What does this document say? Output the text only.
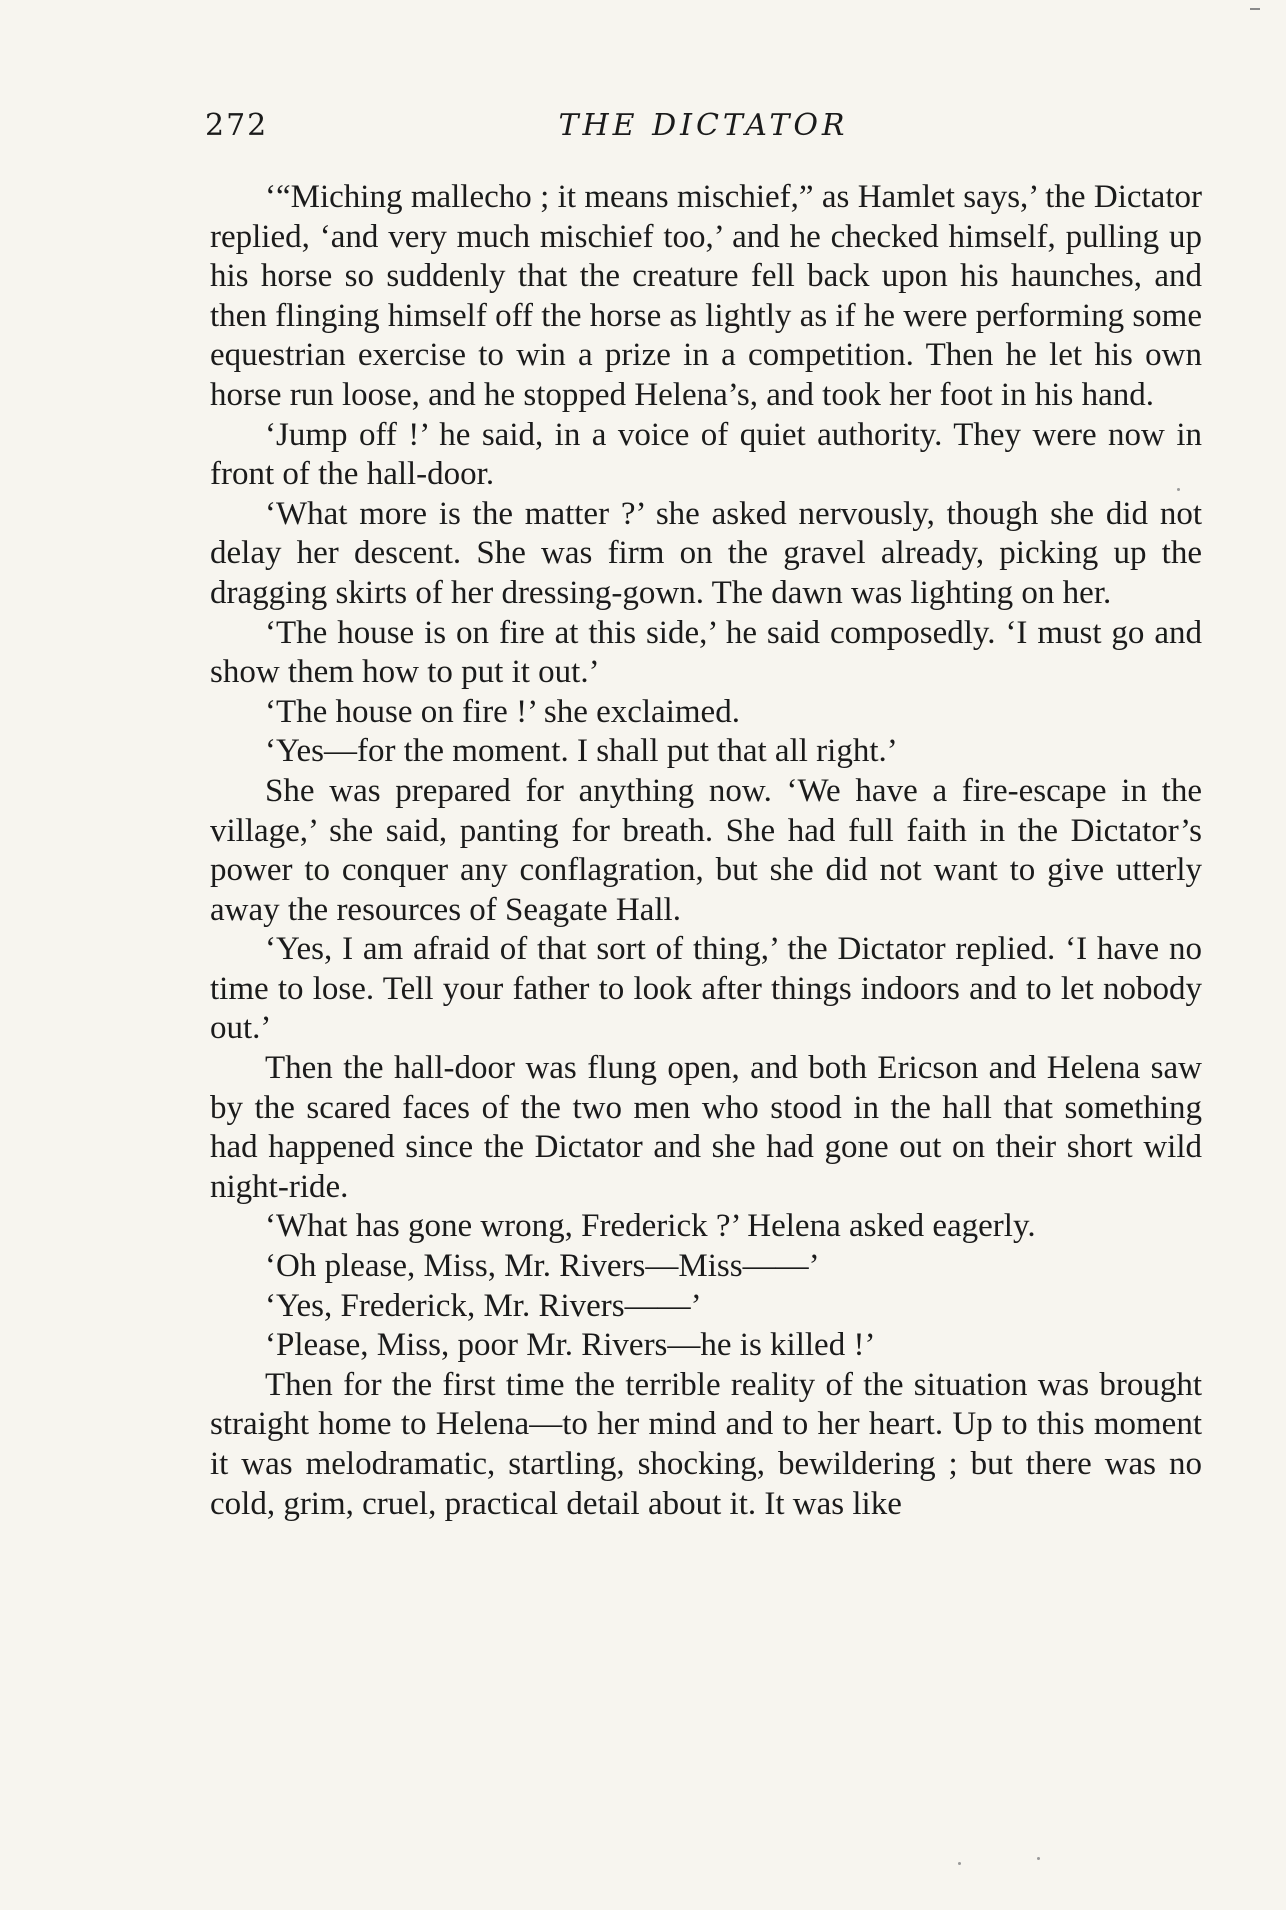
272	THE DICTATOR

‘“Miching mallecho ; it means mischief,” as Hamlet says,’ the Dictator replied, ‘and very much mischief too,’ and he checked himself, pulling up his horse so suddenly that the creature fell back upon his haunches, and then flinging himself off the horse as lightly as if he were performing some equestrian exercise to win a prize in a competition. Then he let his own horse run loose, and he stopped Helena’s, and took her foot in his hand.

‘Jump off !’ he said, in a voice of quiet authority. They were now in front of the hall-door.

‘What more is the matter ?’ she asked nervously, though she did not delay her descent. She was firm on the gravel already, picking up the dragging skirts of her dressing-gown. The dawn was lighting on her.

‘The house is on fire at this side,’ he said composedly. ‘I must go and show them how to put it out.’

‘The house on fire !’ she exclaimed.

‘Yes—for the moment. I shall put that all right.’

She was prepared for anything now. ‘We have a fire-escape in the village,’ she said, panting for breath. She had full faith in the Dictator’s power to conquer any conflagration, but she did not want to give utterly away the resources of Seagate Hall.

‘Yes, I am afraid of that sort of thing,’ the Dictator replied. ‘I have no time to lose. Tell your father to look after things indoors and to let nobody out.’

Then the hall-door was flung open, and both Ericson and Helena saw by the scared faces of the two men who stood in the hall that something had happened since the Dictator and she had gone out on their short wild night-ride.

‘What has gone wrong, Frederick ?’ Helena asked eagerly.

‘Oh please, Miss, Mr. Rivers—Miss——’

‘Yes, Frederick, Mr. Rivers——’

‘Please, Miss, poor Mr. Rivers—he is killed !’

Then for the first time the terrible reality of the situation was brought straight home to Helena—to her mind and to her heart. Up to this moment it was melodramatic, startling, shocking, bewildering ; but there was no cold, grim, cruel, practical detail about it. It was like
